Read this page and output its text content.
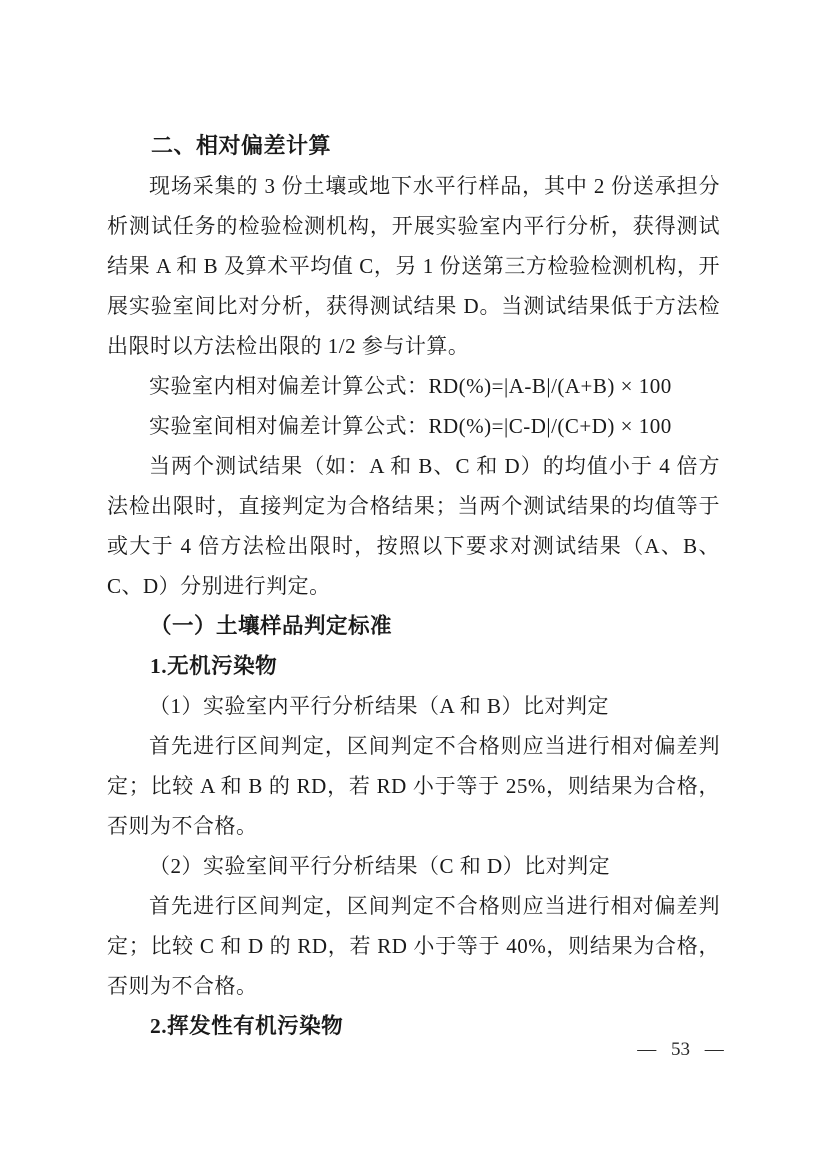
二、相对偏差计算

现场采集的 3 份土壤或地下水平行样品，其中 2 份送承担分析测试任务的检验检测机构，开展实验室内平行分析，获得测试结果 A 和 B 及算术平均值 C，另 1 份送第三方检验检测机构，开展实验室间比对分析，获得测试结果 D。当测试结果低于方法检出限时以方法检出限的 1/2 参与计算。

实验室内相对偏差计算公式：RD(%)=|A-B|/(A+B) × 100

实验室间相对偏差计算公式：RD(%)=|C-D|/(C+D) × 100

当两个测试结果（如：A 和 B、C 和 D）的均值小于 4 倍方法检出限时，直接判定为合格结果；当两个测试结果的均值等于或大于 4 倍方法检出限时，按照以下要求对测试结果（A、B、C、D）分别进行判定。

（一）土壤样品判定标准

1.无机污染物

（1）实验室内平行分析结果（A 和 B）比对判定

首先进行区间判定，区间判定不合格则应当进行相对偏差判定；比较 A 和 B 的 RD，若 RD 小于等于 25%，则结果为合格，否则为不合格。

（2）实验室间平行分析结果（C 和 D）比对判定

首先进行区间判定，区间判定不合格则应当进行相对偏差判定；比较 C 和 D 的 RD，若 RD 小于等于 40%，则结果为合格，否则为不合格。

2.挥发性有机污染物

— 53 —
